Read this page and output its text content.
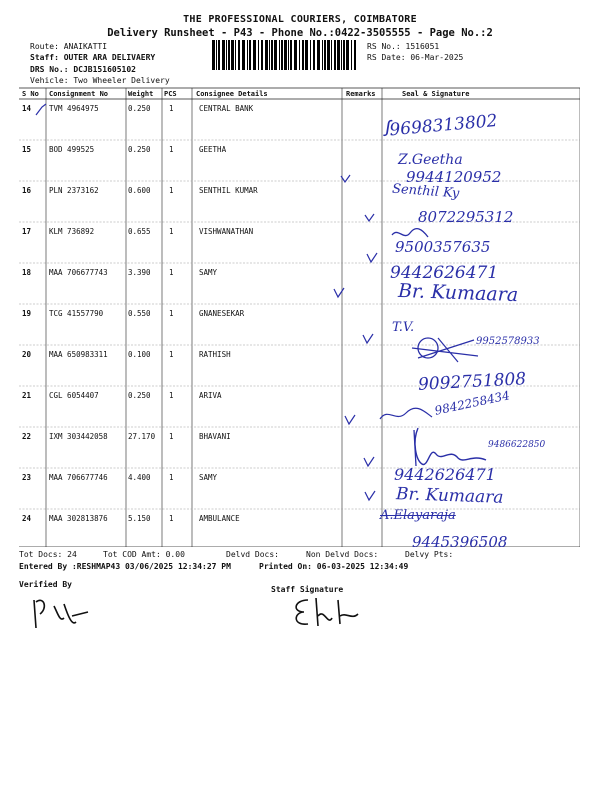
THE PROFESSIONAL COURIERS, COIMBATORE
Delivery Runsheet - P43 - Phone No.:0422-3505555 - Page No.:2
Route: ANAIKATTI
Staff: OUTER ARA DELIVAERY
DRS No.: DCJB151605102
Vehicle: Two Wheeler Delivery
RS No.: 1516051
RS Date: 06-Mar-2025
S No Consignment No	Weight PCS	Consignee Details	Remarks	Seal & Signature
14 TVM 4964975	0.250 1	CENTRAL BANK
15 BOD 499525	0.250 1	GEETHA
16 PLN 2373162	0.600 1	SENTHIL KUMAR
17 KLM 736892	0.655 1	VISHWANATHAN
18 MAA 706677743	3.390 1	SAMY
19 TCG 41557790	0.550 1	GNANESEKAR
20 MAA 650983311	0.100 1	RATHISH
21 CGL 6054407	0.250 1	ARIVA
22 IXM 303442058	27.170 1	BHAVANI
23 MAA 706677746	4.400 1	SAMY
24 MAA 302813876	5.150 1	AMBULANCE
ꭍ9698313802
Z.Geetha
9944120952
Senthil Ky
8072295312
9500357635
9442626471
Br. Kumaara
T.V.
9952578933
9092751808
9842258434
9486622850
9442626471
Br. Kumaara
A.Elayaraja
9445396508
Tot Docs: 24	Tot COD Amt: 0.00	Delvd Docs:	Non Delvd Docs:	Delvy Pts:
Entered By :RESHMAP43 03/06/2025 12:34:27 PM	Printed On: 06-03-2025 12:34:49
Verified By
Staff Signature
